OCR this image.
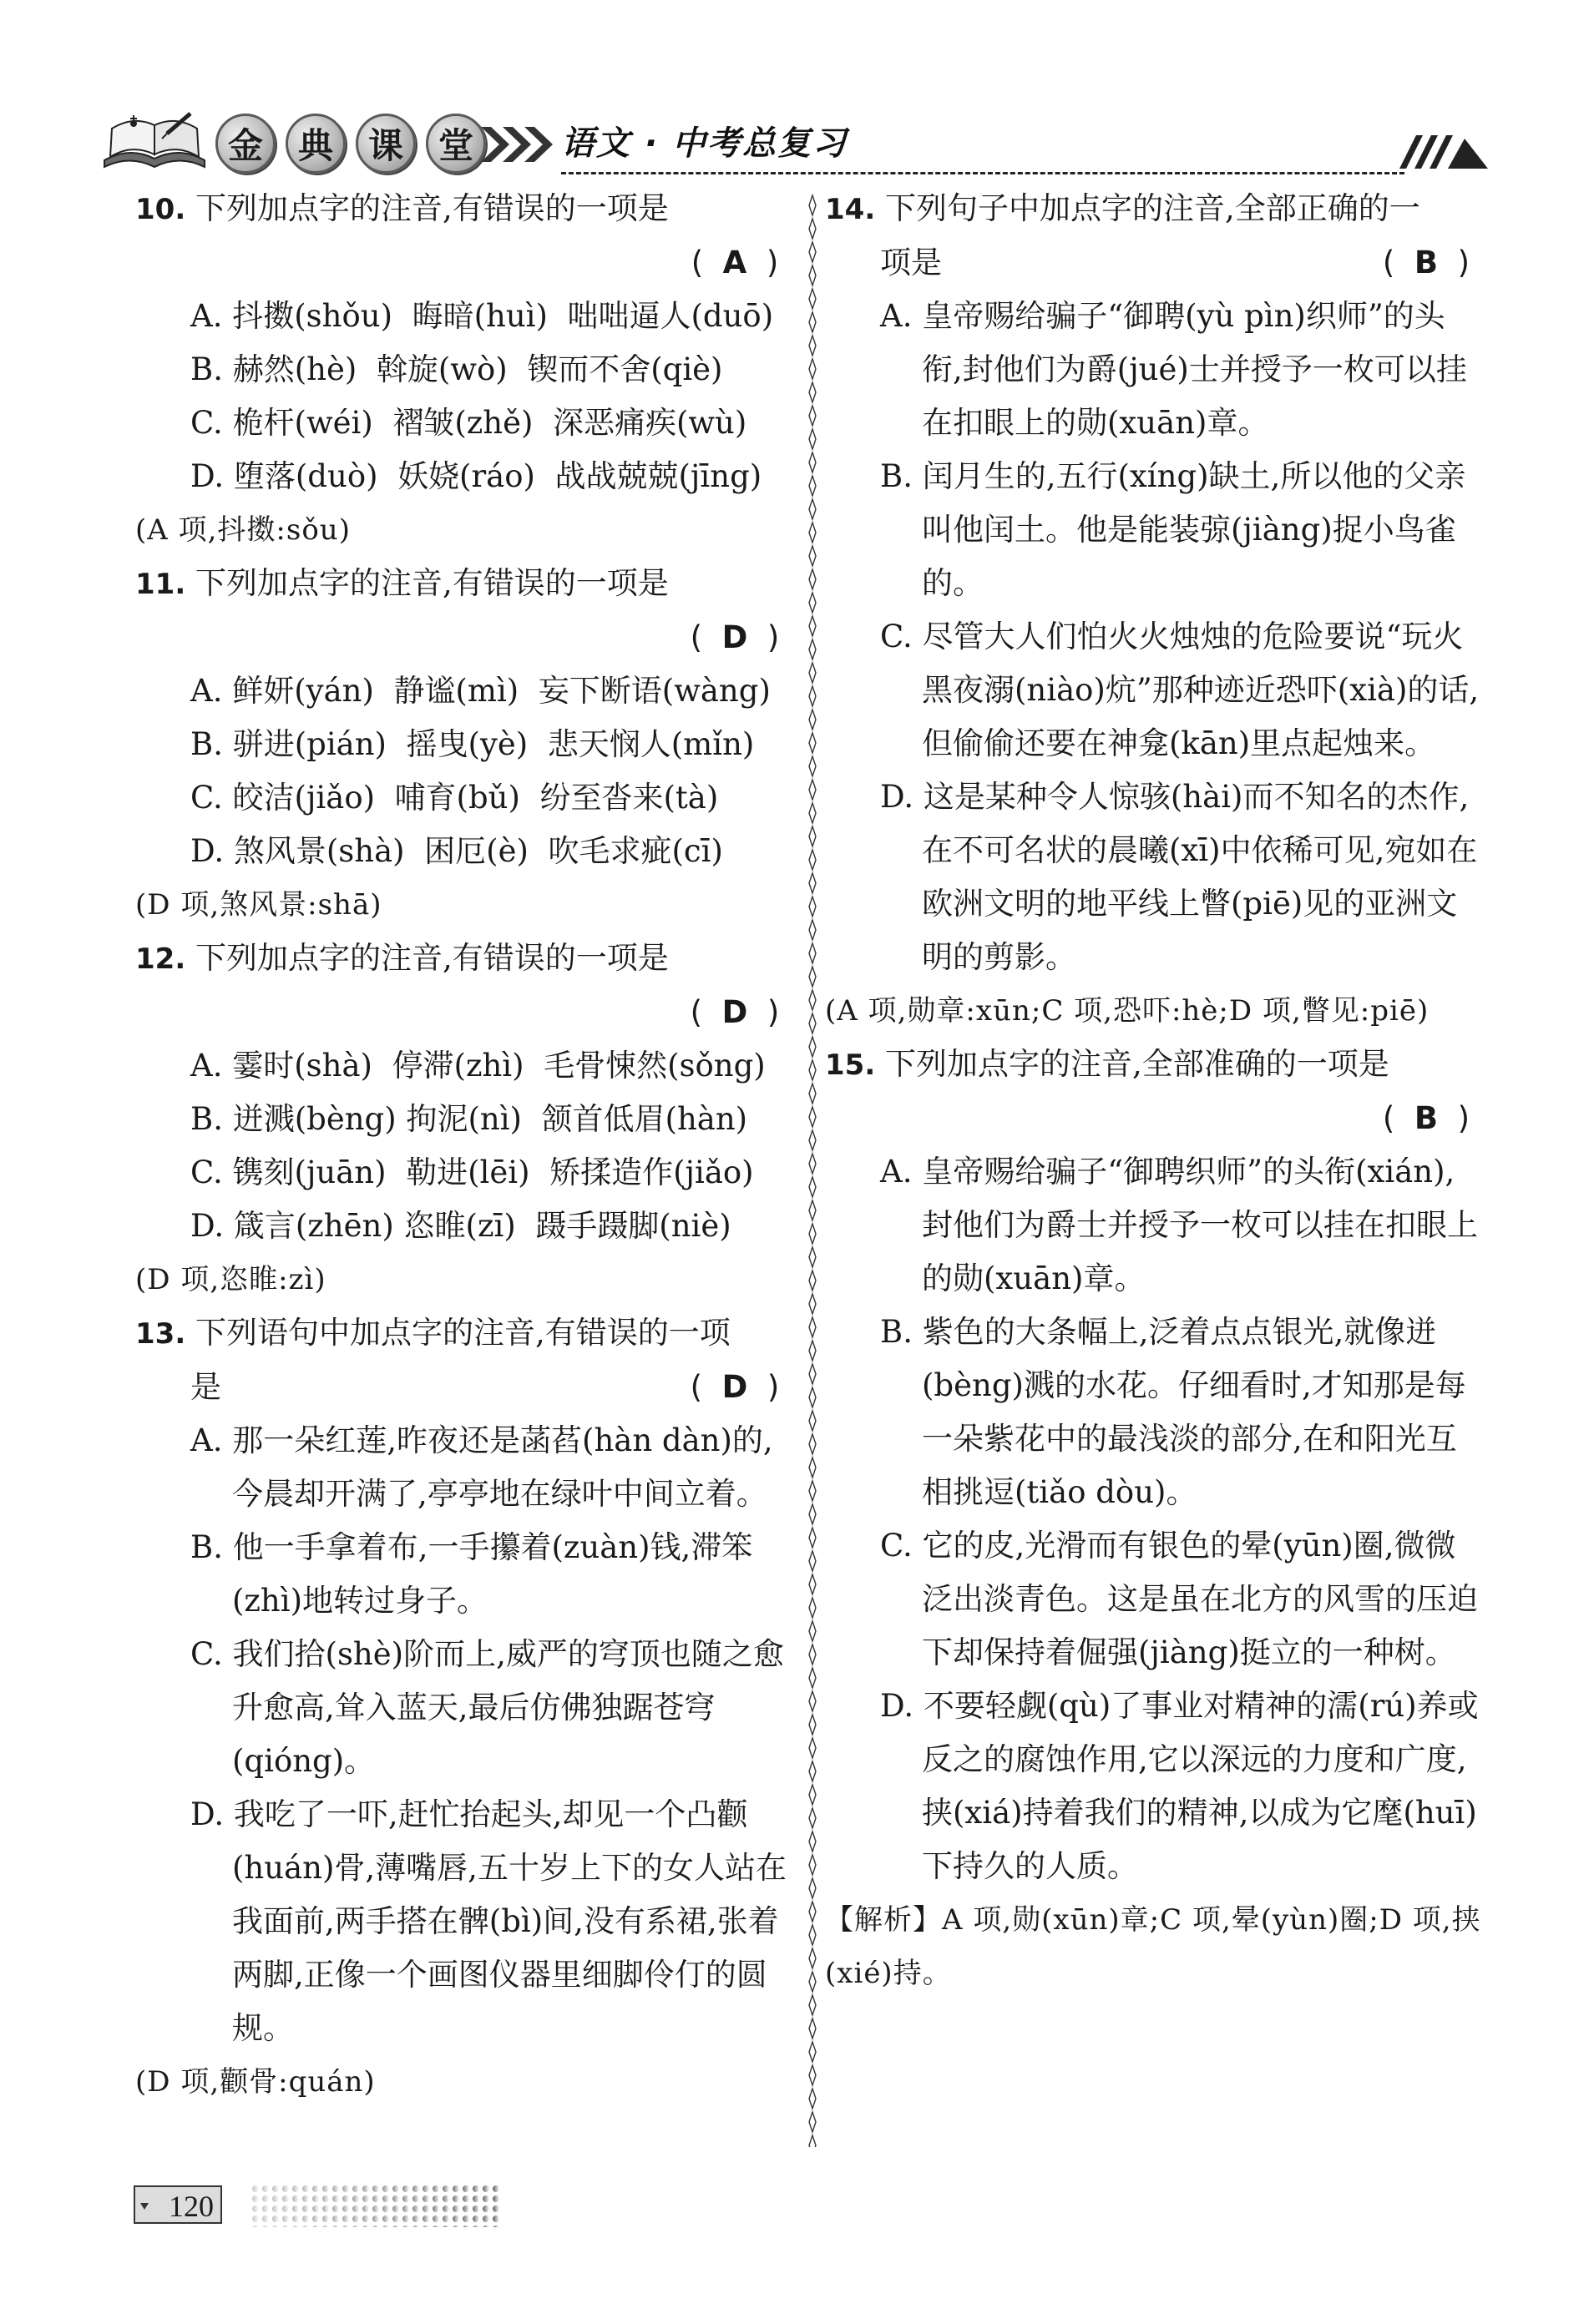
金 典 课 堂	语文 · 中考总复习
10. 下列加点字的注音,有错误的一项是
(  A  )
A. 抖擞(shǒu) 晦暗(huì) 咄咄逼人(duō)
B. 赫然(hè) 斡旋(wò) 锲而不舍(qiè)
C. 桅杆(wéi) 褶皱(zhě) 深恶痛疾(wù)
D. 堕落(duò) 妖娆(ráo) 战战兢兢(jīng)
(A 项,抖擞:sǒu)
11. 下列加点字的注音,有错误的一项是
(  D  )
A. 鲜妍(yán) 静谧(mì) 妄下断语(wàng)
B. 骈进(pián) 摇曳(yè) 悲天悯人(mǐn)
C. 皎洁(jiǎo) 哺育(bǔ) 纷至沓来(tà)
D. 煞风景(shà) 困厄(è) 吹毛求疵(cī)
(D 项,煞风景:shā)
12. 下列加点字的注音,有错误的一项是
(  D  )
A. 霎时(shà) 停滞(zhì) 毛骨悚然(sǒng)
B. 迸溅(bèng) 拘泥(nì) 颔首低眉(hàn)
C. 镌刻(juān) 勒进(lēi) 矫揉造作(jiǎo)
D. 箴言(zhēn) 恣睢(zī) 蹑手蹑脚(niè)
(D 项,恣睢:zì)
13. 下列语句中加点字的注音,有错误的一项
是	(  D  )

A. 那一朵红莲,昨夜还是菡萏(hàn dàn)的,今晨却开满了,亭亭地在绿叶中间立着。

B. 他一手拿着布,一手攥着(zuàn)钱,滞笨(zhì)地转过身子。

C. 我们拾(shè)阶而上,威严的穹顶也随之愈升愈高,耸入蓝天,最后仿佛独踞苍穹(qióng)。

D. 我吃了一吓,赶忙抬起头,却见一个凸颧(huán)骨,薄嘴唇,五十岁上下的女人站在我面前,两手搭在髀(bì)间,没有系裙,张着两脚,正像一个画图仪器里细脚伶仃的圆规。

(D 项,颧骨:quán)
14. 下列句子中加点字的注音,全部正确的一
项是	(  B  )

A. 皇帝赐给骗子“御聘(yù pìn)织师”的头衔,封他们为爵(jué)士并授予一枚可以挂在扣眼上的勋(xuān)章。

B. 闰月生的,五行(xíng)缺土,所以他的父亲叫他闰土。他是能装弶(jiàng)捉小鸟雀的。

C. 尽管大人们怕火火烛烛的危险要说“玩火黑夜溺(niào)炕”那种迹近恐吓(xià)的话,但偷偷还要在神龛(kān)里点起烛来。

D. 这是某种令人惊骇(hài)而不知名的杰作,在不可名状的晨曦(xī)中依稀可见,宛如在欧洲文明的地平线上瞥(piē)见的亚洲文明的剪影。

(A 项,勋章:xūn;C 项,恐吓:hè;D 项,瞥见:piē)
15. 下列加点字的注音,全部准确的一项是
(  B  )

A. 皇帝赐给骗子“御聘织师”的头衔(xián),封他们为爵士并授予一枚可以挂在扣眼上的勋(xuān)章。

B. 紫色的大条幅上,泛着点点银光,就像迸(bèng)溅的水花。仔细看时,才知那是每一朵紫花中的最浅淡的部分,在和阳光互相挑逗(tiǎo dòu)。

C. 它的皮,光滑而有银色的晕(yūn)圈,微微泛出淡青色。这是虽在北方的风雪的压迫下却保持着倔强(jiàng)挺立的一种树。

D. 不要轻觑(qù)了事业对精神的濡(rú)养或反之的腐蚀作用,它以深远的力度和广度,挟(xiá)持着我们的精神,以成为它麾(huī)下持久的人质。

【解析】A 项,勋(xūn)章;C 项,晕(yùn)圈;D 项,挟(xié)持。
120
